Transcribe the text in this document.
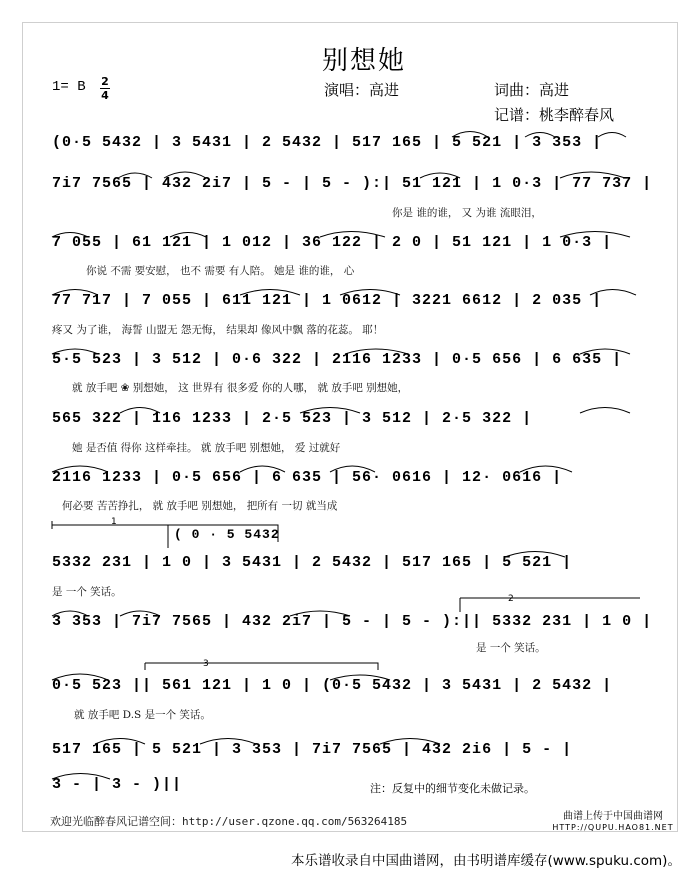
别想她
1= B 2
4	演唱：高进	词曲：高进
记谱：桃李醉春风
(0·5 5432 | 3 5431 | 2 5432 | 517 165 | 5 521 | 3 353 |
7i7 7565 | 432 2i7 | 5 - | 5 - ):| 51 121 | 1 0·3 | 77 737 |
你是 谁的谁， 又 为谁 流眼泪，
7 055 | 61 121 | 1 012 | 36 122 | 2 0 | 51 121 | 1 0·3 |
你说 不需 要安慰， 也不 需要 有人陪。 她是 谁的谁， 心
77 717 | 7 055 | 611 121 | 1 0612 | 3221 6612 | 2 035 |
疼又 为了谁， 海誓 山盟无 怨无悔， 结果却 像风中飘 落的花蕊。 耶！
5·5 523 | 3 512 | 0·6 322 | 2116 1233 | 0·5 656 | 6 635 |
就 放手吧 ❀ 别想她， 这 世界有 很多爱 你的人哪， 就 放手吧 别想她，
565 322 | 116 1233 | 2·5 523 | 3 512 | 2·5 322 |
她 是否值 得你 这样牵挂。 就 放手吧 别想她， 爱 过就好
2116 1233 | 0·5 656 | 6 635 | 56· 0616 | 12· 0616 |
何必要 苦苦挣扎， 就 放手吧 别想她， 把所有 一切 就当成
1
( 0 · 5 5432
5332 231 | 1 0 | 3 5431 | 2 5432 | 517 165 | 5 521 |
是 一个 笑话。
2
3 353 | 7i7 7565 | 432 2i7 | 5 - | 5 - ):|| 5332 231 | 1 0 |
是 一个 笑话。
3
0·5 523 || 561 121 | 1 0 | (0·5 5432 | 3 5431 | 2 5432 |
就 放手吧 D.S 是一个 笑话。
517 165 | 5 521 | 3 353 | 7i7 7565 | 432 2i6 | 5 - |
3 - | 3 - )||	注：反复中的细节变化未做记录。
欢迎光临醉春风记谱空间：http://user.qzone.qq.com/563264185	曲谱上传于中国曲谱网
HTTP://QUPU.HAO81.NET
本乐谱收录自中国曲谱网，由书明谱库缓存(www.spuku.com)。
